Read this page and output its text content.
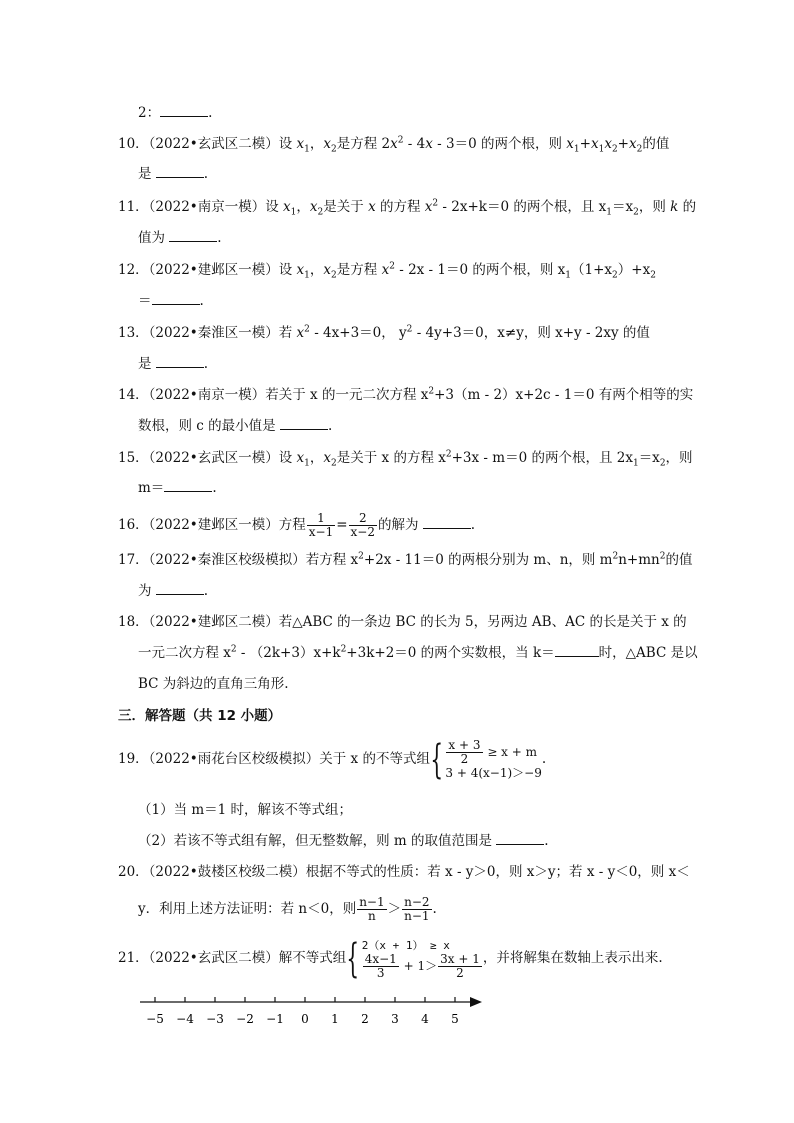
2：	.
10．（2022•玄武区二模）设 $x_1$，$x_2$是方程 $2x^2 - 4x - 3=0$ 的两个根，则 $x_1+x_1x_2+x_2$的值
是	.
11．（2022•南京一模）设 $x_1$，$x_2$是关于 x 的方程 $x^2 - 2x+k=0$ 的两个根，且 $x_1=x_2$，则 k 的
值为	.
12．（2022•建邺区一模）设 $x_1$，$x_2$是方程 $x^2 - 2x - 1=0$ 的两个根，则 $x_1(1+x_2)+x_2$
＝	.
13．（2022•秦淮区一模）若 $x^2 - 4x+3=0$， $y^2 - 4y+3=0$，x≠y，则 x+y - 2xy 的值
是	.
14．（2022•南京一模）若关于 x 的一元二次方程 $x^2+3(m - 2)x+2c - 1=0$ 有两个相等的实
数根，则 c 的最小值是	.
15．（2022•玄武区一模）设 $x_1$，$x_2$是关于 x 的方程 $x^2+3x - m=0$ 的两个根，且 $2x_1=x_2$，则
m＝	.
16．（2022•建邺区一模）方程 $\frac{1}{x-1} = \frac{2}{x-2}$ 的解为	.
17．（2022•秦淮区校级模拟）若方程 $x^2+2x - 11=0$ 的两根分别为 m、n，则 $m^2n+mn^2$的值
为	.
18．（2022•建邺区二模）若△ABC 的一条边 BC 的长为 5，另两边 AB、AC 的长是关于 x 的
一元二次方程 $x^2 - (2k+3)x+k^2+3k+2=0$ 的两个实数根，当 k＝	时，△ABC 是以
BC 为斜边的直角三角形.
三．解答题（共 12 小题）
19．（2022•雨花台区校级模拟）关于 x 的不等式组{ $\frac{x + 3}{2} \ge x + m$
3 + 4(x−1)＞−9
.
（1）当 m＝1 时，解该不等式组；
（2）若该不等式组有解，但无整数解，则 m 的取值范围是	.
20．（2022•鼓楼区校级二模）根据不等式的性质：若 x - y＞0，则 x＞y；若 x - y＜0，则 x＜
y．利用上述方法证明：若 n＜0，则 $\frac{n-1}{n} > \frac{n-2}{n-1}$ .
21．（2022•玄武区二模）解不等式组{ 2（x + 1） ≥ x
$\frac{4x-1}{3} + 1> \frac{3x + 1}{2}$ ，并将解集在数轴上表示出来.
−5 −4 −3 −2 −1 0 1 2 3 4 5
